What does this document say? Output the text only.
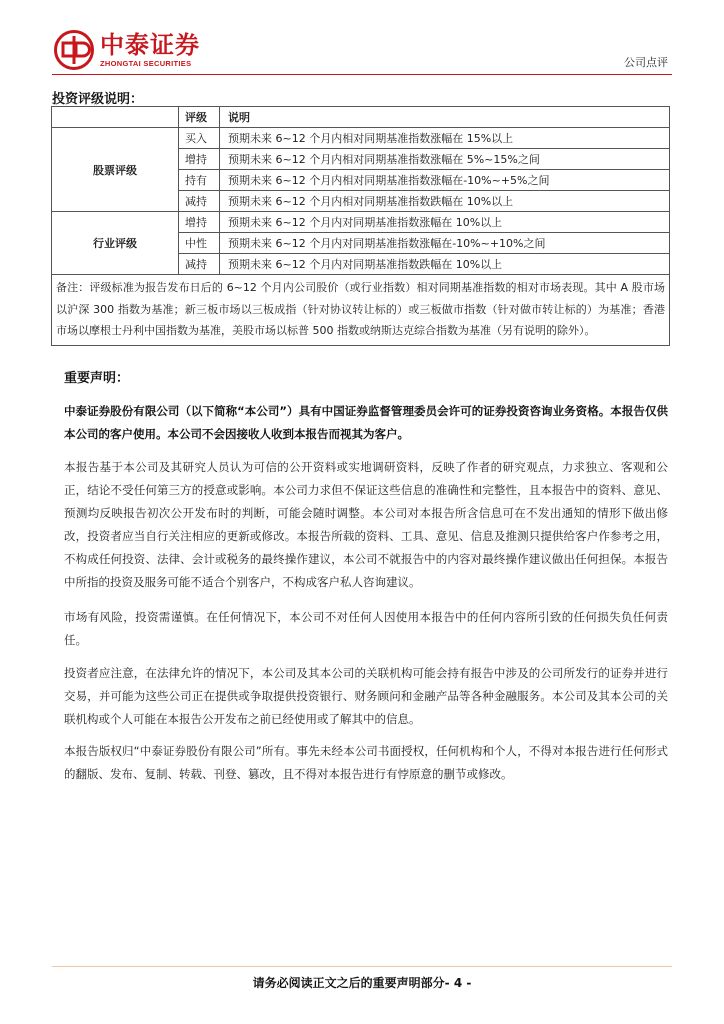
中泰证券
ZHONGTAI SECURITIES	公司点评
投资评级说明：
	评级	说明
股票评级	买入	预期未来 6~12 个月内相对同期基准指数涨幅在 15%以上
	增持	预期未来 6~12 个月内相对同期基准指数涨幅在 5%~15%之间
	持有	预期未来 6~12 个月内相对同期基准指数涨幅在-10%~+5%之间
	减持	预期未来 6~12 个月内相对同期基准指数跌幅在 10%以上
行业评级	增持	预期未来 6~12 个月内对同期基准指数涨幅在 10%以上
	中性	预期未来 6~12 个月内对同期基准指数涨幅在-10%~+10%之间
	减持	预期未来 6~12 个月内对同期基准指数跌幅在 10%以上
备注：评级标准为报告发布日后的 6~12 个月内公司股价（或行业指数）相对同期基准指数的相对市场表现。其中 A 股市场以沪深 300 指数为基准；新三板市场以三板成指（针对协议转让标的）或三板做市指数（针对做市转让标的）为基准；香港市场以摩根士丹利中国指数为基准，美股市场以标普 500 指数或纳斯达克综合指数为基准（另有说明的除外）。		
重要声明：
中泰证券股份有限公司（以下简称“本公司”）具有中国证券监督管理委员会许可的证券投资咨询业务资格。本报告仅供本公司的客户使用。本公司不会因接收人收到本报告而视其为客户。
本报告基于本公司及其研究人员认为可信的公开资料或实地调研资料，反映了作者的研究观点，力求独立、客观和公正，结论不受任何第三方的授意或影响。本公司力求但不保证这些信息的准确性和完整性，且本报告中的资料、意见、预测均反映报告初次公开发布时的判断，可能会随时调整。本公司对本报告所含信息可在不发出通知的情形下做出修改，投资者应当自行关注相应的更新或修改。本报告所载的资料、工具、意见、信息及推测只提供给客户作参考之用，不构成任何投资、法律、会计或税务的最终操作建议，本公司不就报告中的内容对最终操作建议做出任何担保。本报告中所指的投资及服务可能不适合个别客户，不构成客户私人咨询建议。
市场有风险，投资需谨慎。在任何情况下，本公司不对任何人因使用本报告中的任何内容所引致的任何损失负任何责任。
投资者应注意，在法律允许的情况下，本公司及其本公司的关联机构可能会持有报告中涉及的公司所发行的证券并进行交易，并可能为这些公司正在提供或争取提供投资银行、财务顾问和金融产品等各种金融服务。本公司及其本公司的关联机构或个人可能在本报告公开发布之前已经使用或了解其中的信息。
本报告版权归“中泰证券股份有限公司”所有。事先未经本公司书面授权，任何机构和个人，不得对本报告进行任何形式的翻版、发布、复制、转载、刊登、篡改，且不得对本报告进行有悖原意的删节或修改。
请务必阅读正文之后的重要声明部分- 4 -
